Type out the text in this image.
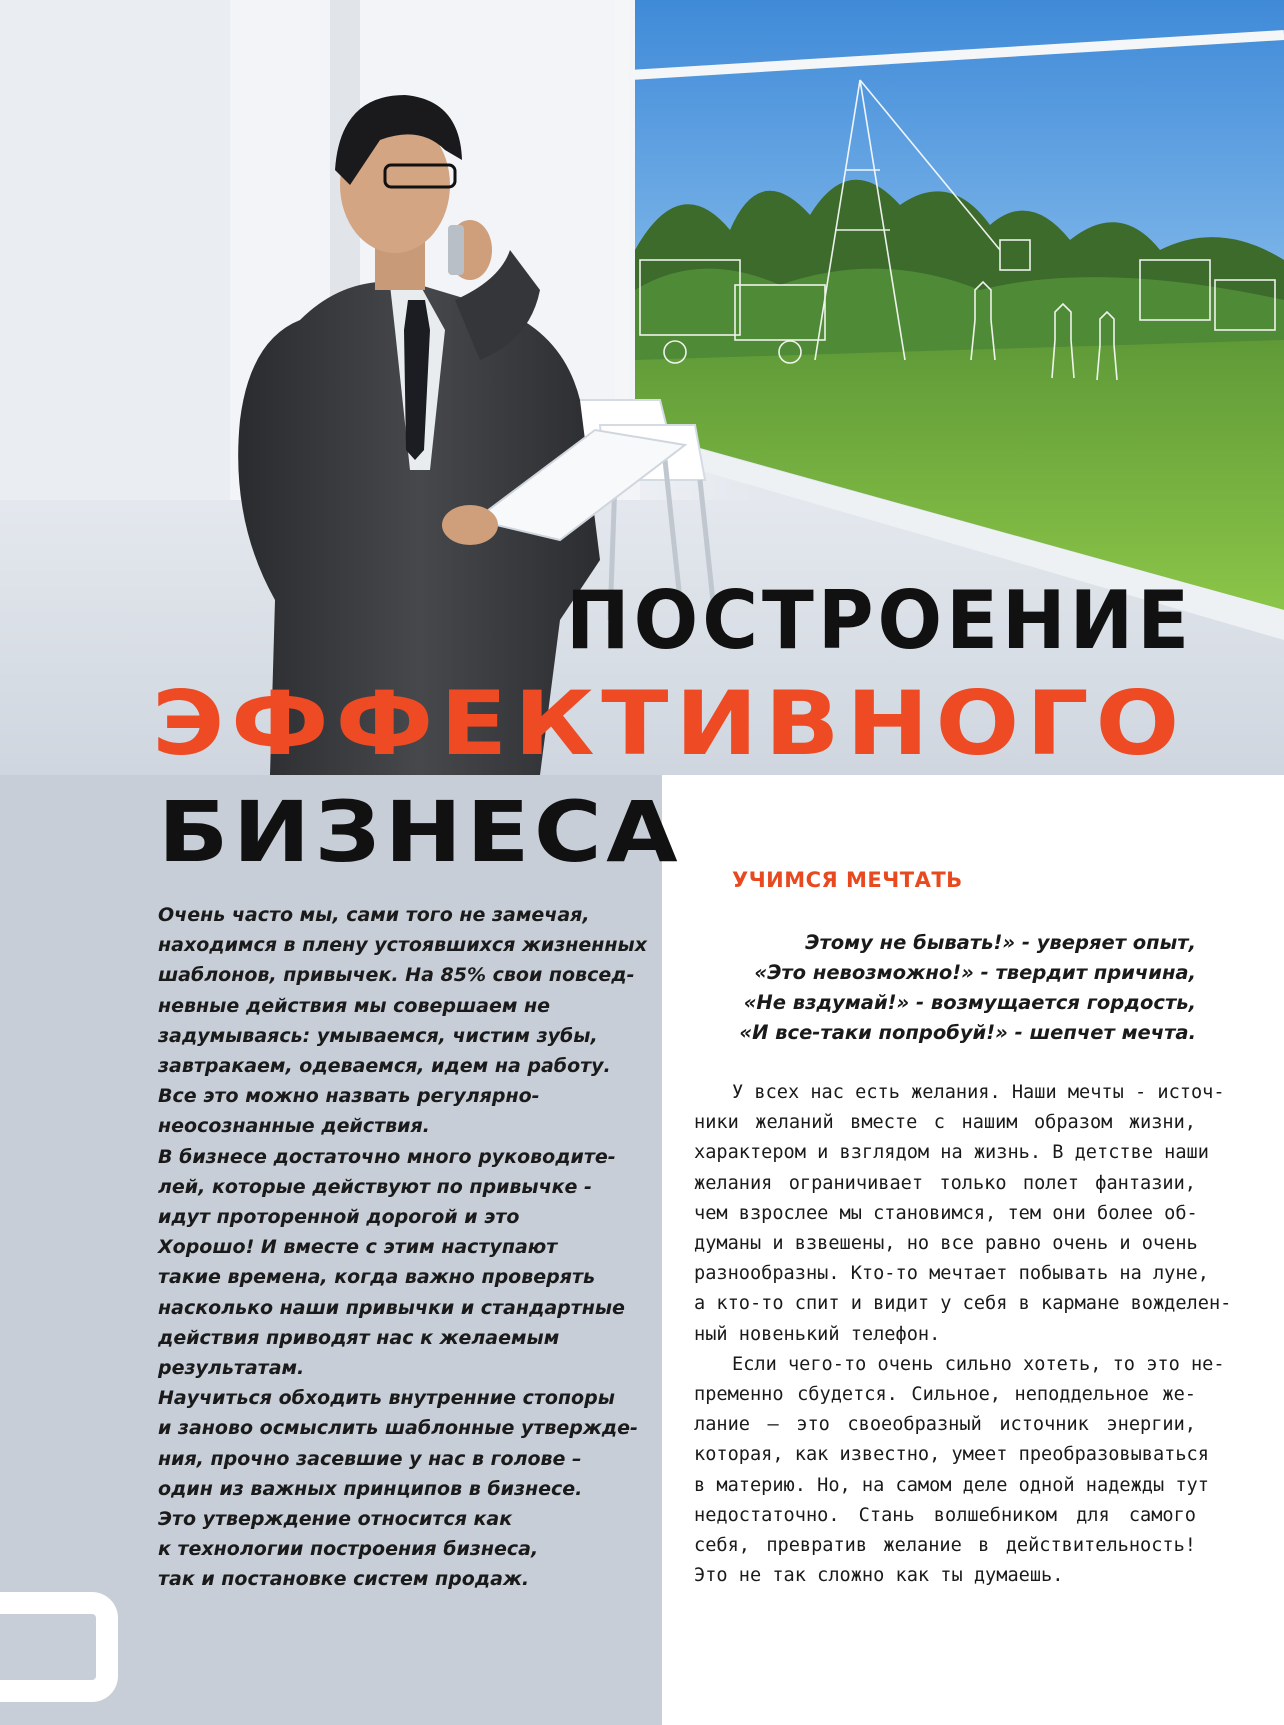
ПОСТРОЕНИЕ
ЭФФЕКТИВНОГО
БИЗНЕСА

Очень часто мы, сами того не замечая,

находимся в плену устоявшихся жизненных

шаблонов, привычек. На 85% свои повсед-

невные действия мы совершаем не

задумываясь: умываемся, чистим зубы,

завтракаем, одеваемся, идем на работу.

Все это можно назвать регулярно-

неосознанные действия.

В бизнесе достаточно много руководите-

лей, которые действуют по привычке -

идут проторенной дорогой и это

Хорошо! И вместе с этим наступают

такие времена, когда важно проверять

насколько наши привычки и стандартные

действия приводят нас к желаемым

результатам.

Научиться обходить внутренние стопоры

и заново осмыслить шаблонные утвержде-

ния, прочно засевшие у нас в голове –

один из важных принципов в бизнесе.

Это утверждение относится как

к технологии построения бизнеса,

так и постановке систем продаж.

УЧИМСЯ МЕЧТАТЬ

Этому не бывать!» - уверяет опыт,

«Это невозможно!» - твердит причина,

«Не вздумай!» - возмущается гордость,

«И все-таки попробуй!» - шепчет мечта.

У всех нас есть желания. Наши мечты - источ-

ники желаний вместе с нашим образом жизни,

характером и взглядом на жизнь. В детстве наши

желания ограничивает только полет фантазии,

чем взрослее мы становимся, тем они более об-

думаны и взвешены, но все равно очень и очень

разнообразны. Кто-то мечтает побывать на луне,

а кто-то спит и видит у себя в кармане вожделен-

ный новенький телефон.

Если чего-то очень сильно хотеть, то это не-

пременно сбудется. Сильное, неподдельное же-

лание — это своеобразный источник энергии,

которая, как известно, умеет преобразовываться

в материю. Но, на самом деле одной надежды тут

недостаточно. Стань волшебником для самого

себя, превратив желание в действительность!

Это не так сложно как ты думаешь.
